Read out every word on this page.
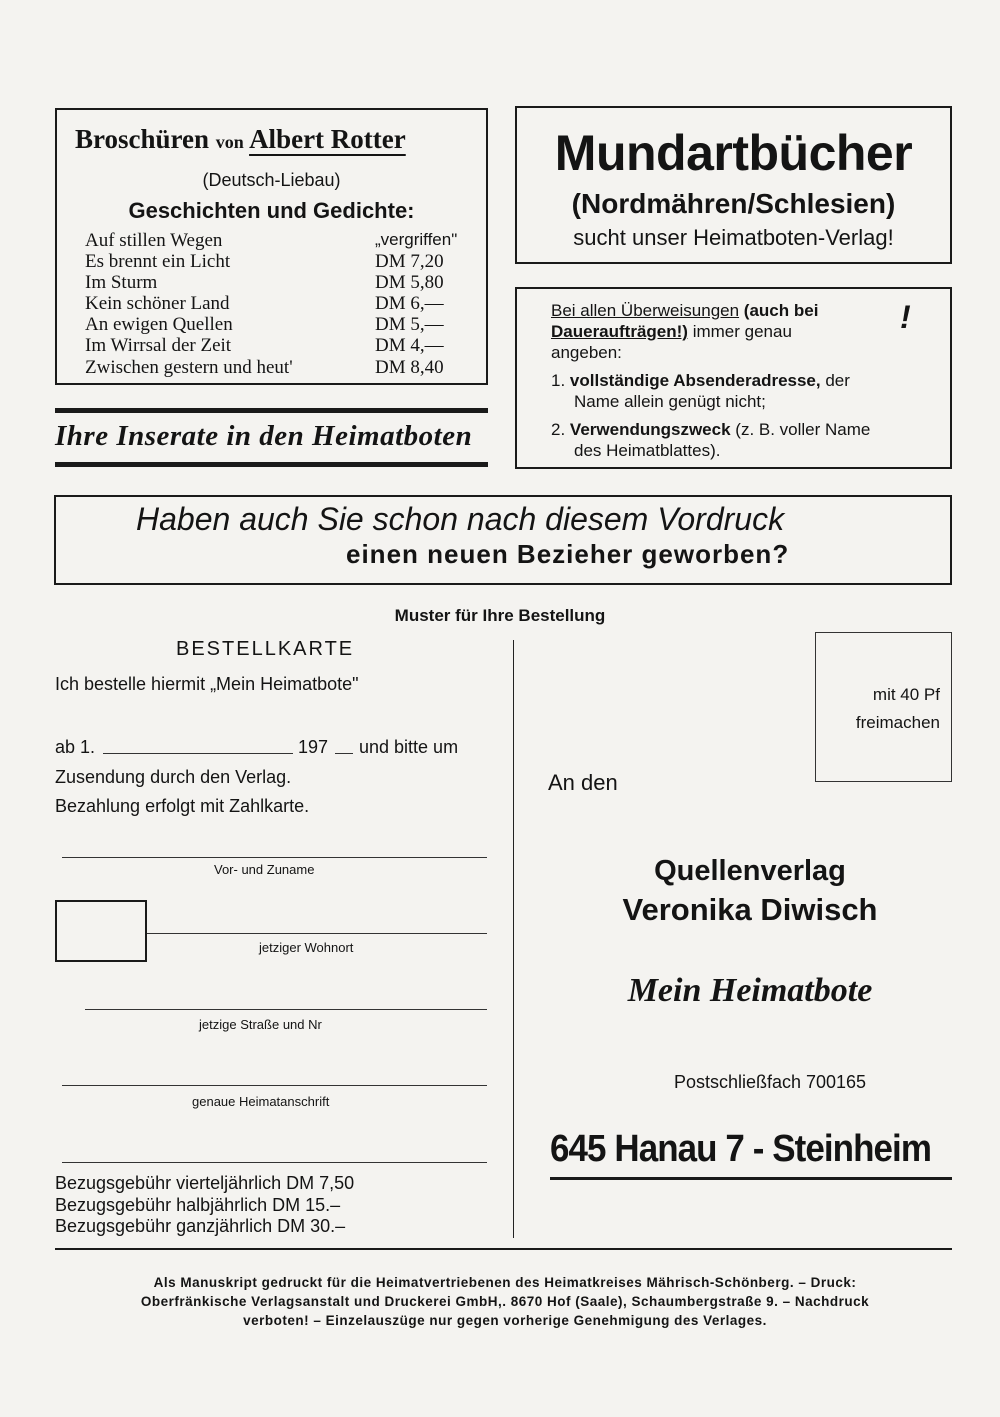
Broschüren von Albert Rotter
(Deutsch-Liebau)
Geschichten und Gedichte:
Auf stillen Wegen	„vergriffen"
Es brennt ein Licht	DM 7,20
Im Sturm	DM 5,80
Kein schöner Land	DM 6,—
An ewigen Quellen	DM 5,—
Im Wirrsal der Zeit	DM 4,—
Zwischen gestern und heut'	DM 8,40
Ihre Inserate in den Heimatboten
Mundartbücher
(Nordmähren/Schlesien)
sucht unser Heimatboten-Verlag!
Bei allen Überweisungen (auch bei
Daueraufträgen!) immer genau
angeben:
1. vollständige Absenderadresse, der
Name allein genügt nicht;
2. Verwendungszweck (z. B. voller Name
des Heimatblattes).
!
Haben auch Sie schon nach diesem Vordruck
einen neuen Bezieher geworben?
Muster für Ihre Bestellung
BESTELLKARTE
Ich bestelle hiermit „Mein Heimatbote"
ab 1.	197 und bitte um
Zusendung durch den Verlag.
Bezahlung erfolgt mit Zahlkarte.
Vor- und Zuname
jetziger Wohnort
jetzige Straße und Nr
genaue Heimatanschrift
Bezugsgebühr vierteljährlich DM 7,50
Bezugsgebühr halbjährlich DM 15.–
Bezugsgebühr ganzjährlich DM 30.–
mit 40 Pf
freimachen
An den
Quellenverlag
Veronika Diwisch
Mein Heimatbote
Postschließfach 700165
645 Hanau 7 - Steinheim
Als Manuskript gedruckt für die Heimatvertriebenen des Heimatkreises Mährisch-Schönberg. – Druck:
Oberfränkische Verlagsanstalt und Druckerei GmbH,. 8670 Hof (Saale), Schaumbergstraße 9. – Nachdruck
verboten! – Einzelauszüge nur gegen vorherige Genehmigung des Verlages.
